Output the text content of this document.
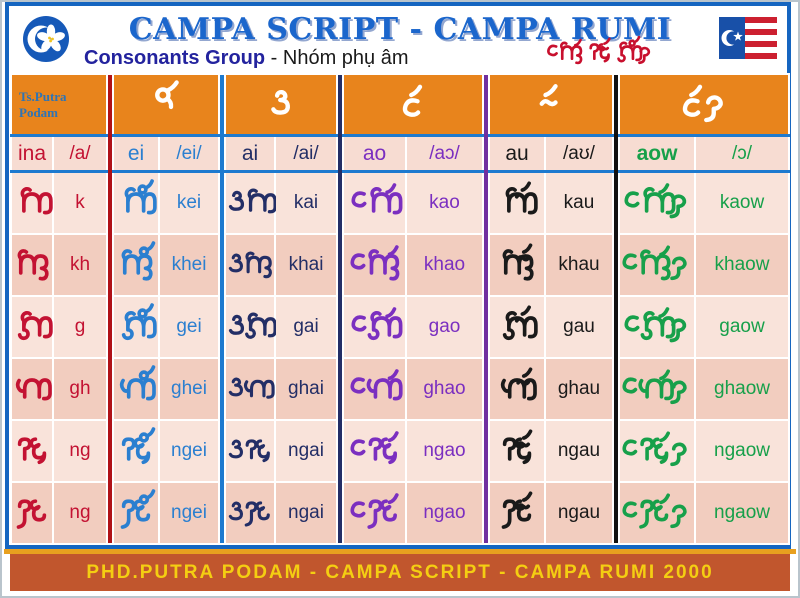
CAMPA SCRIPT - CAMPA RUMI
Consonants Group - Nhóm phụ âm
Ts.Putra Podam
ina	/a/	ei	/ei/	ai	/ai/	ao	/aɔ/	au	/aʊ/	aow	/ɔ/
k	kei	kai	kao	kau	kaow
kh	khei	khai	khao	khau	khaow
g	gei	gai	gao	gau	gaow
gh	ghei	ghai	ghao	ghau	ghaow
ng	ngei	ngai	ngao	ngau	ngaow
ng	ngei	ngai	ngao	ngau	ngaow
PHD.PUTRA PODAM - CAMPA SCRIPT - CAMPA RUMI 2000
